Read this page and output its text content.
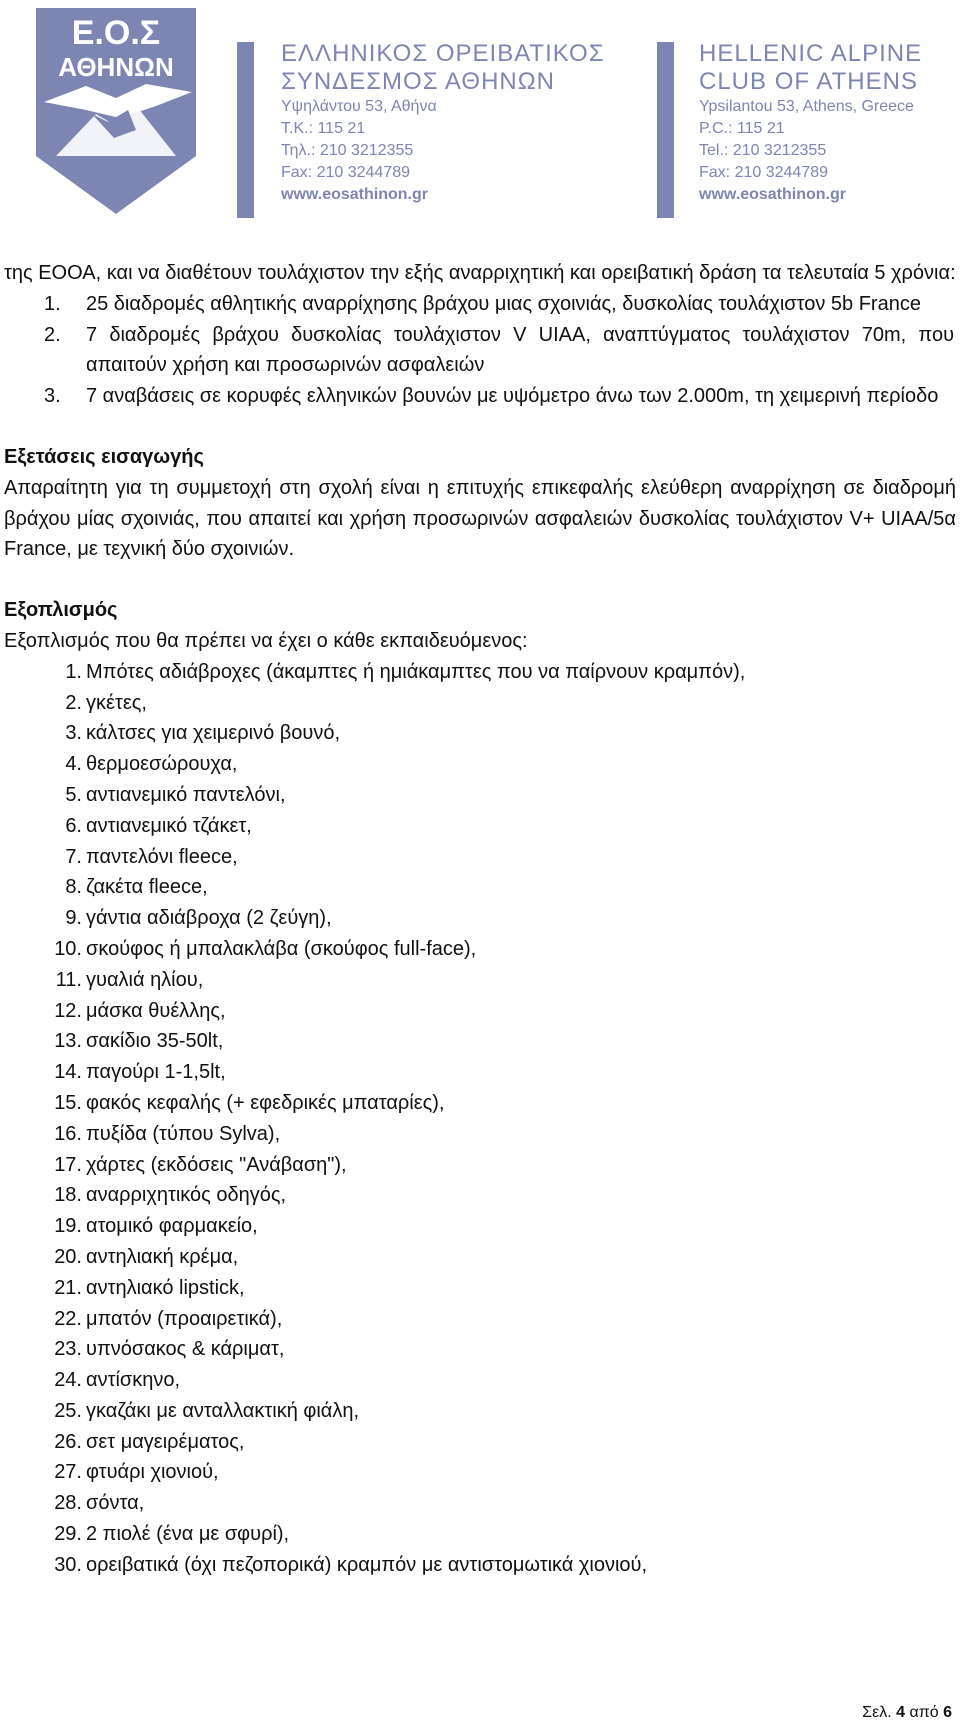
Ε.Ο.Σ
ΑΘΗΝΩΝ	ΕΛΛΗΝΙΚΟΣ ΟΡΕΙΒΑΤΙΚΟΣ
ΣΥΝΔΕΣΜΟΣ ΑΘΗΝΩΝ
Υψηλάντου 53, Αθήνα
Τ.Κ.: 115 21
Τηλ.: 210 3212355
Fax: 210 3244789
www.eosathinon.gr
HELLENIC ALPINE
CLUB OF ATHENS
Ypsilantou 53, Athens, Greece
P.C.: 115 21
Tel.: 210 3212355
Fax: 210 3244789
www.eosathinon.gr

της ΕΟΟΑ, και να διαθέτουν τουλάχιστον την εξής αναρριχητική και ορειβατική δράση τα τελευταία 5 χρόνια:

1. 25 διαδρομές αθλητικής αναρρίχησης βράχου μιας σχοινιάς, δυσκολίας τουλάχιστον 5b France
2. 7 διαδρομές βράχου δυσκολίας τουλάχιστον V UIAA, αναπτύγματος τουλάχιστον 70m, που απαιτούν χρήση και προσωρινών ασφαλειών
3. 7 αναβάσεις σε κορυφές ελληνικών βουνών με υψόμετρο άνω των 2.000m, τη χειμερινή περίοδο

Εξετάσεις εισαγωγής

Απαραίτητη για τη συμμετοχή στη σχολή είναι η επιτυχής επικεφαλής ελεύθερη αναρρίχηση σε διαδρομή βράχου μίας σχοινιάς, που απαιτεί και χρήση προσωρινών ασφαλειών δυσκολίας τουλάχιστον V+ UIAA/5α France, με τεχνική δύο σχοινιών.

Εξοπλισμός

Εξοπλισμός που θα πρέπει να έχει ο κάθε εκπαιδευόμενος:

1. Μπότες αδιάβροχες (άκαμπτες ή ημιάκαμπτες που να παίρνουν κραμπόν),
2. γκέτες,
3. κάλτσες για χειμερινό βουνό,
4. θερμοεσώρουχα,
5. αντιανεμικό παντελόνι,
6. αντιανεμικό τζάκετ,
7. παντελόνι fleece,
8. ζακέτα fleece,
9. γάντια αδιάβροχα (2 ζεύγη),
10. σκούφος ή μπαλακλάβα (σκούφος full-face),
11. γυαλιά ηλίου,
12. μάσκα θυέλλης,
13. σακίδιο 35-50lt,
14. παγούρι 1-1,5lt,
15. φακός κεφαλής (+ εφεδρικές μπαταρίες),
16. πυξίδα (τύπου Sylva),
17. χάρτες (εκδόσεις "Ανάβαση"),
18. αναρριχητικός οδηγός,
19. ατομικό φαρμακείο,
20. αντηλιακή κρέμα,
21. αντηλιακό lipstick,
22. μπατόν (προαιρετικά),
23. υπνόσακος & κάριματ,
24. αντίσκηνο,
25. γκαζάκι με ανταλλακτική φιάλη,
26. σετ μαγειρέματος,
27. φτυάρι χιονιού,
28. σόντα,
29. 2 πιολέ (ένα με σφυρί),
30. ορειβατικά (όχι πεζοπορικά) κραμπόν με αντιστομωτικά χιονιού,
Σελ. 4 από 6
